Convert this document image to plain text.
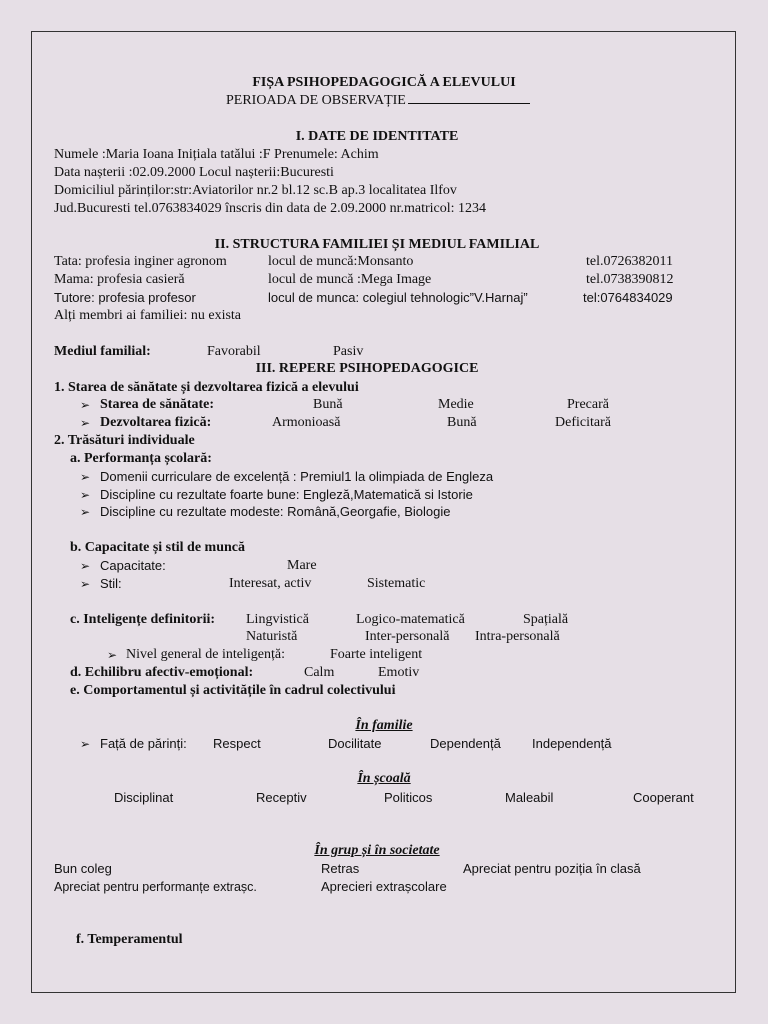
FIȘA PSIHOPEDAGOGICĂ A ELEVULUI
PERIOADA DE OBSERVAȚIE
I. DATE DE IDENTITATE
Numele :Maria Ioana Inițiala tatălui :F Prenumele: Achim
Data nașterii :02.09.2000 Locul nașterii:Bucuresti
Domiciliul părinților:str:Aviatorilor nr.2 bl.12 sc.B ap.3 localitatea Ilfov
Jud.Bucuresti tel.0763834029 înscris din data de 2.09.2000 nr.matricol: 1234
II. STRUCTURA FAMILIEI ȘI MEDIUL FAMILIAL
Tata: profesia inginer agronom	locul de muncă:Monsanto	tel.0726382011
Mama: profesia casieră	locul de muncă :Mega Image	tel.0738390812
Tutore: profesia profesor	locul de munca: colegiul tehnologic”V.Harnaj”	tel:0764834029
Alți membri ai familiei: nu exista
Mediul familial:	Favorabil	Pasiv
III. REPERE PSIHOPEDAGOGICE
1. Starea de sănătate și dezvoltarea fizică a elevului
➢ Starea de sănătate:	Bună	Medie	Precară
➢ Dezvoltarea fizică:	Armonioasă	Bună	Deficitară
2. Trăsături individuale
a. Performanța școlară:
➢ Domenii curriculare de excelență : Premiul1 la olimpiada de Engleza
➢ Discipline cu rezultate foarte bune: Engleză,Matematică si Istorie
➢ Discipline cu rezultate modeste: Română,Georgafie, Biologie
b. Capacitate și stil de muncă
➢ Capacitate:	Mare
➢ Stil:	Interesat, activ	Sistematic
c. Inteligențe definitorii: Lingvistică	Logico-matematică	Spațială
Naturistă	Inter-personală Intra-personală
➢ Nivel general de inteligență:	Foarte inteligent
d. Echilibru afectiv-emoțional:	Calm	Emotiv
e. Comportamentul și activitățile în cadrul colectivului
În familie
➢ Față de părinți: Respect	Docilitate	Dependență Independență
În școală
Disciplinat	Receptiv	Politicos	Maleabil	Cooperant
În grup și în societate
Bun coleg	Retras	Apreciat pentru poziția în clasă
Apreciat pentru performanțe extrașc.	Aprecieri extrașcolare
f. Temperamentul
